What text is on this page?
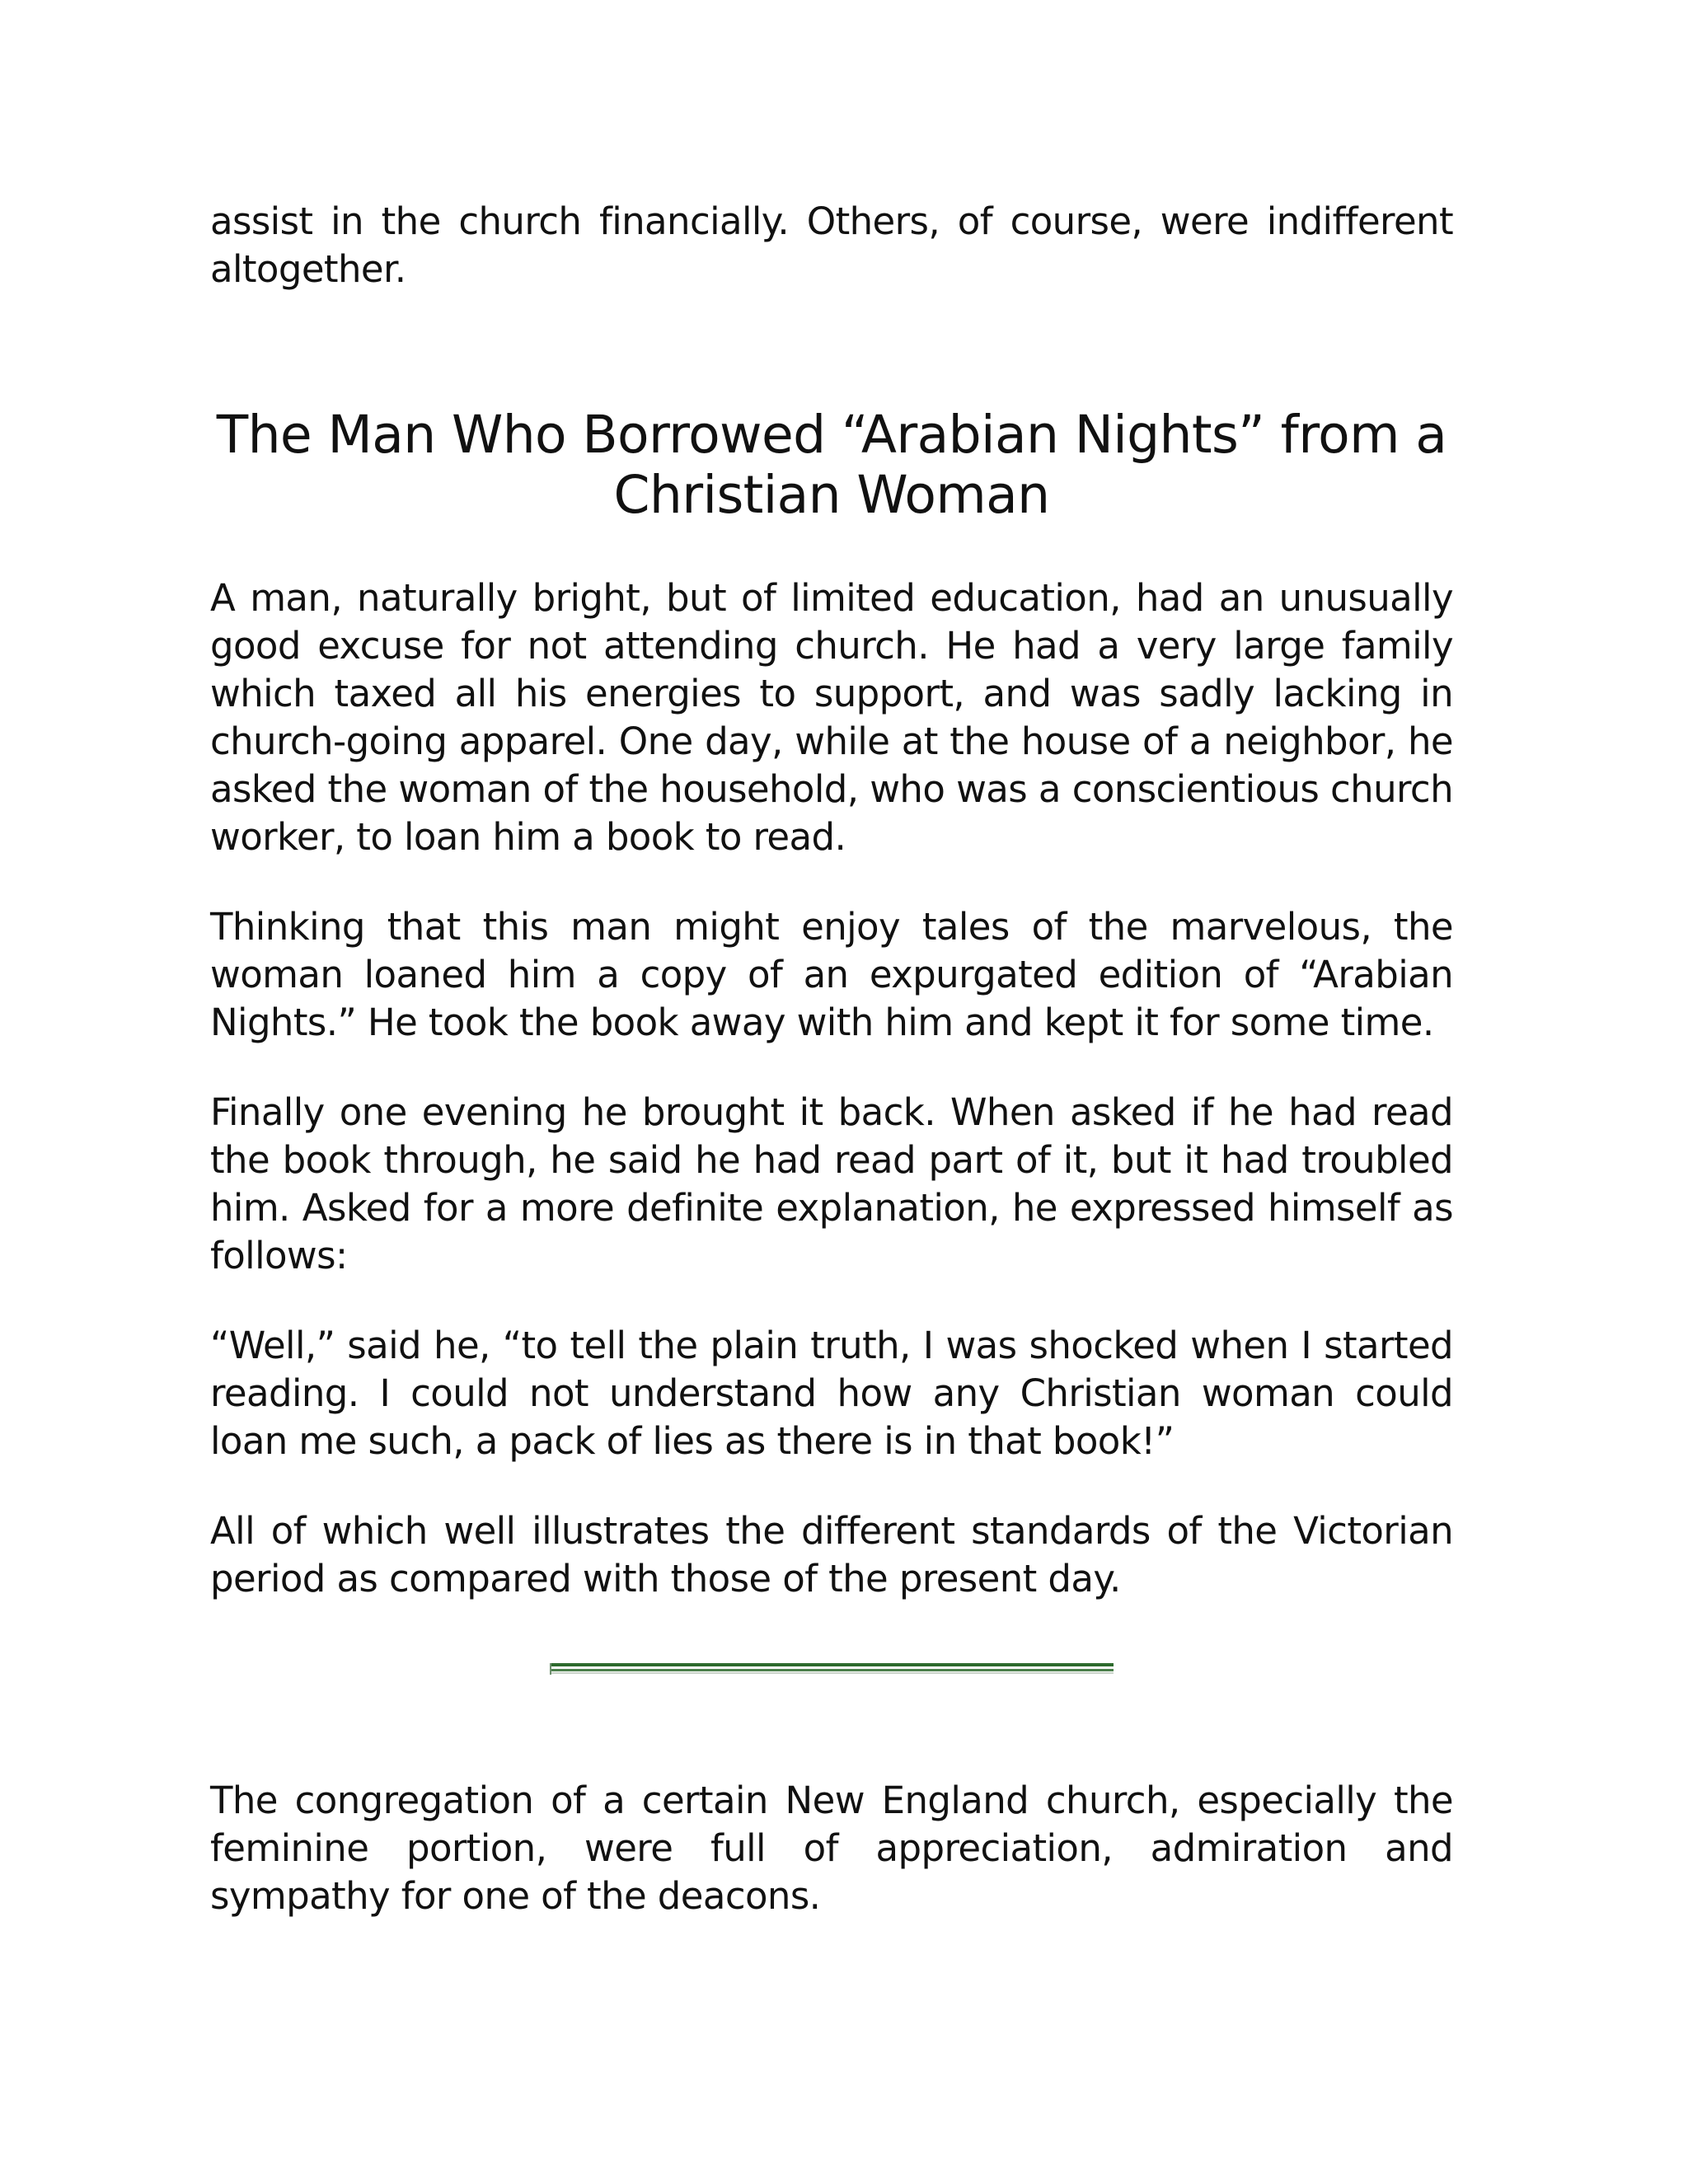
assist in the church financially. Others, of course, were indifferent altogether.

The Man Who Borrowed “Arabian Nights” from a
Christian Woman

A man, naturally bright, but of limited education, had an unusually good excuse for not attending church. He had a very large family which taxed all his energies to support, and was sadly lacking in church-going apparel. One day, while at the house of a neighbor, he asked the woman of the household, who was a conscientious church worker, to loan him a book to read.

Thinking that this man might enjoy tales of the marvelous, the woman loaned him a copy of an expurgated edition of “Arabian Nights.” He took the book away with him and kept it for some time.

Finally one evening he brought it back. When asked if he had read the book through, he said he had read part of it, but it had troubled him. Asked for a more definite explanation, he expressed himself as follows:

“Well,” said he, “to tell the plain truth, I was shocked when I started reading. I could not understand how any Christian woman could loan me such, a pack of lies as there is in that book!”

All of which well illustrates the different standards of the Victorian period as compared with those of the present day.

The congregation of a certain New England church, especially the feminine portion, were full of appreciation, admiration and sympathy for one of the deacons.
